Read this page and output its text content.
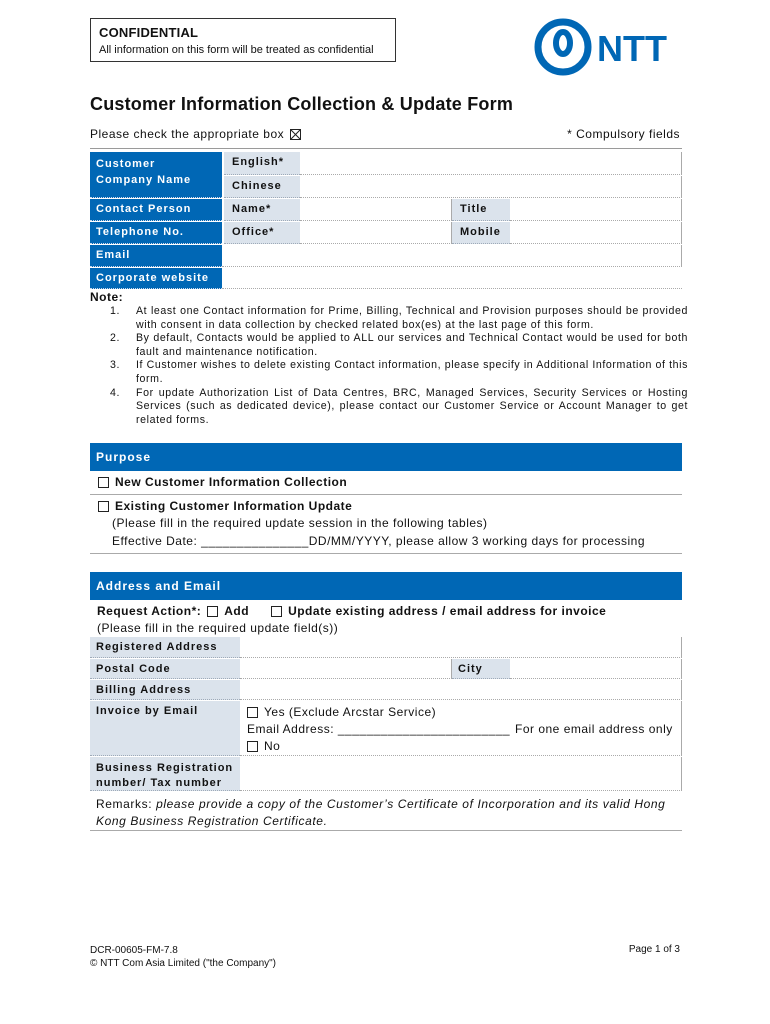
CONFIDENTIAL
All information on this form will be treated as confidential	NTT
Customer Information Collection & Update Form
Please check the appropriate box	* Compulsory fields
Customer Company Name
English*
Chinese
Contact Person	Name*	Title
Telephone No.	Office*	Mobile
Email
Corporate website
Note:
1.	At least one Contact information for Prime, Billing, Technical and Provision purposes should be provided with consent in data collection by checked related box(es) at the last page of this form.
2.	By default, Contacts would be applied to ALL our services and Technical Contact would be used for both fault and maintenance notification.
3.	If Customer wishes to delete existing Contact information, please specify in Additional Information of this form.
4.	For update Authorization List of Data Centres, BRC, Managed Services, Security Services or Hosting Services (such as dedicated device), please contact our Customer Service or Account Manager to get related forms.
Purpose
New Customer Information Collection
Existing Customer Information Update
(Please fill in the required update session in the following tables)
Effective Date: _______________DD/MM/YYYY, please allow 3 working days for processing
Address and Email
Request Action*: Add	Update existing address / email address for invoice
(Please fill in the required update field(s))
Registered Address
Postal Code	City
Billing Address
Invoice by Email	Yes (Exclude Arcstar Service)
Email Address: ________________________ For one email address only
No
Business Registration number/ Tax number
Remarks: please provide a copy of the Customer’s Certificate of Incorporation and its valid Hong Kong Business Registration Certificate.
DCR-00605-FM-7.8
© NTT Com Asia Limited ("the Company")
Page 1 of 3
